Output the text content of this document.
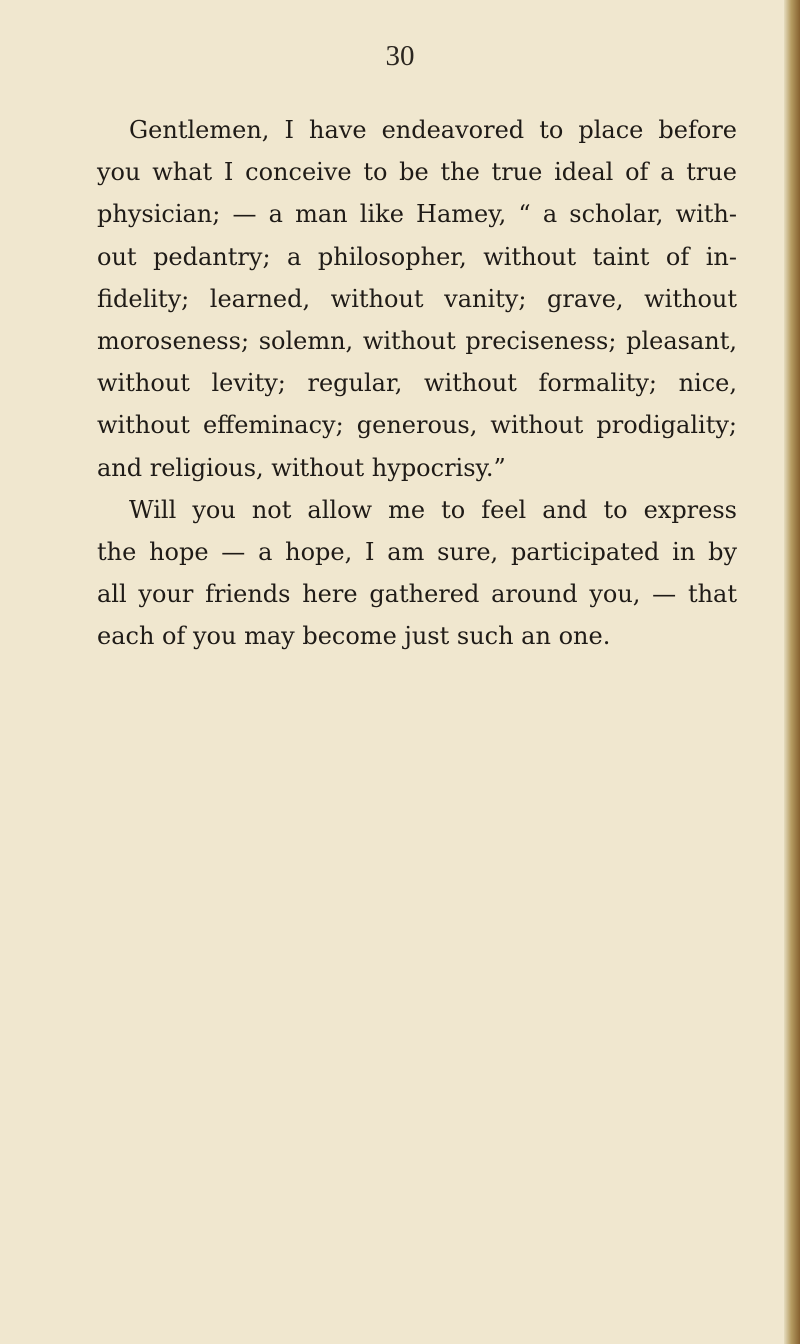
30
Gentlemen, I have endeavored to place before
you what I conceive to be the true ideal of a true
physician; — a man like Hamey, “ a scholar, with-
out pedantry; a philosopher, without taint of in-
fidelity; learned, without vanity; grave, without
moroseness; solemn, without preciseness; pleasant,
without levity; regular, without formality; nice,
without effeminacy; generous, without prodigality;
and religious, without hypocrisy.”
Will you not allow me to feel and to express
the hope — a hope, I am sure, participated in by
all your friends here gathered around you, — that
each of you may become just such an one.
